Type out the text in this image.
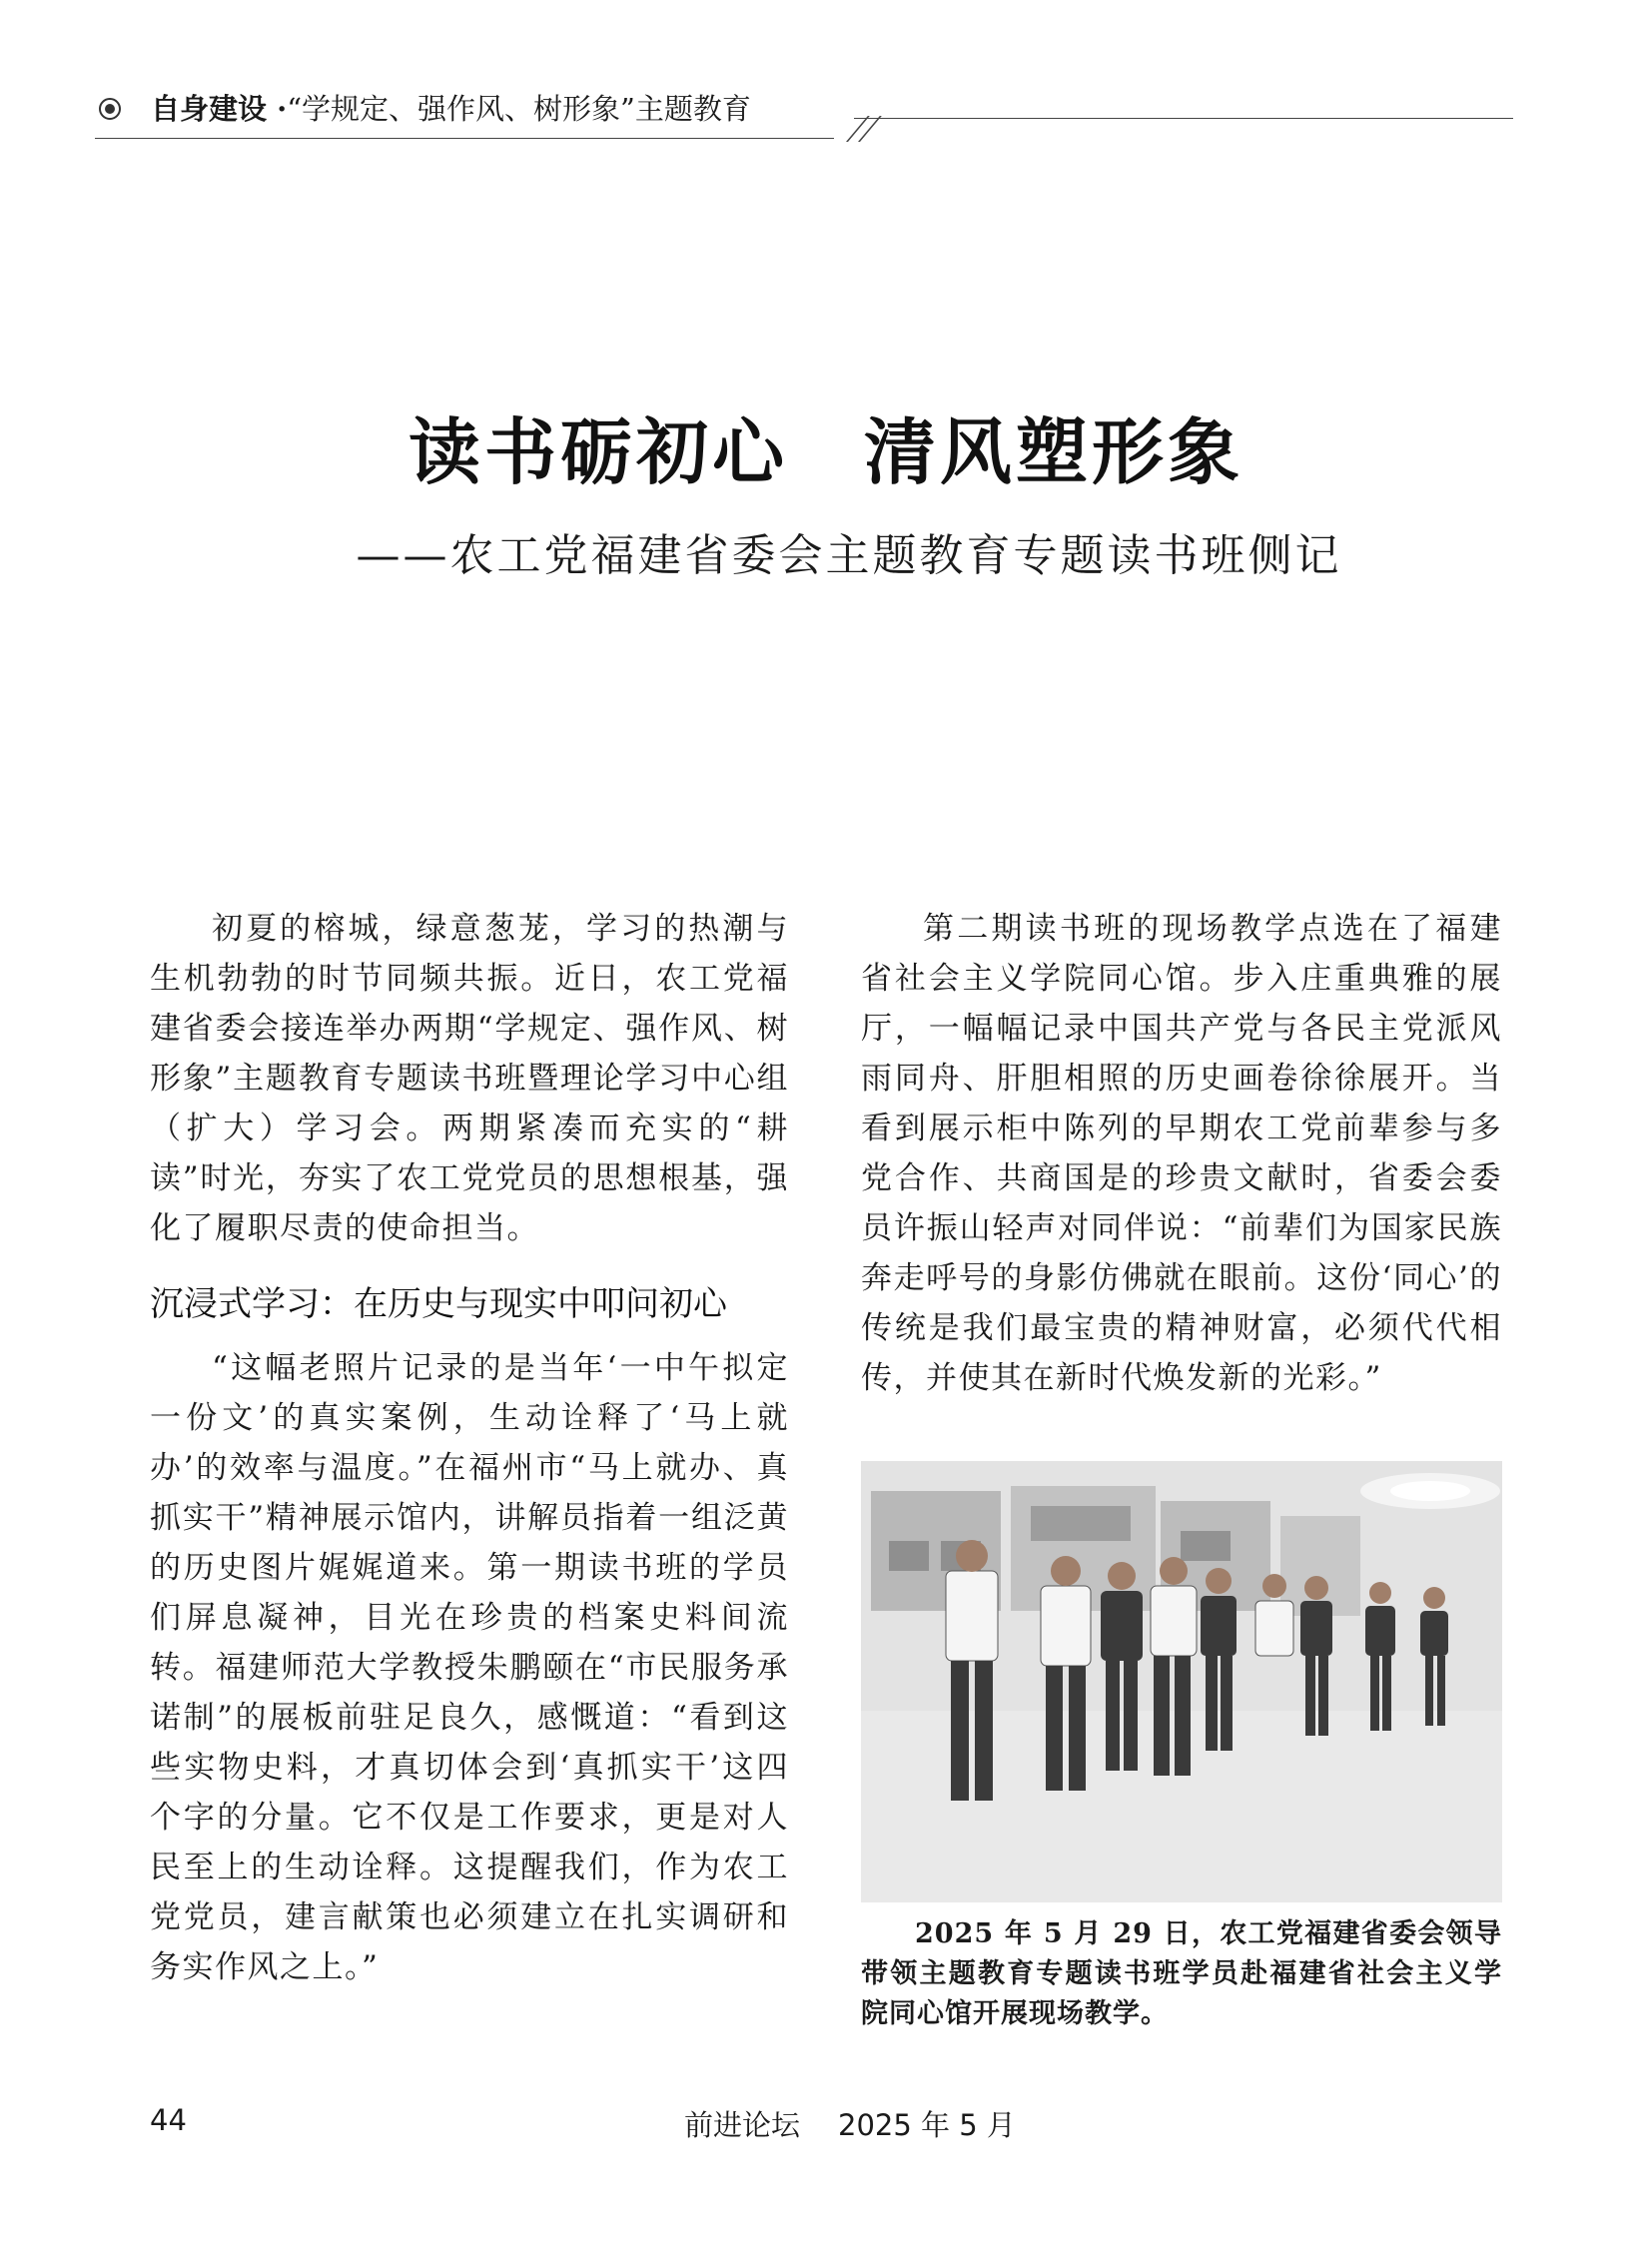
自身建设 ·“学规定、强作风、树形象”主题教育
读书砺初心　清风塑形象
——农工党福建省委会主题教育专题读书班侧记

初夏的榕城，绿意葱茏，学习的热潮与生机勃勃的时节同频共振。近日，农工党福建省委会接连举办两期“学规定、强作风、树形象”主题教育专题读书班暨理论学习中心组（扩大）学习会。两期紧凑而充实的“耕读”时光，夯实了农工党党员的思想根基，强化了履职尽责的使命担当。

沉浸式学习：在历史与现实中叩问初心

“这幅老照片记录的是当年‘一中午拟定一份文’的真实案例，生动诠释了‘马上就办’的效率与温度。”在福州市“马上就办、真抓实干”精神展示馆内，讲解员指着一组泛黄的历史图片娓娓道来。第一期读书班的学员们屏息凝神，目光在珍贵的档案史料间流转。福建师范大学教授朱鹏颐在“市民服务承诺制”的展板前驻足良久，感慨道：“看到这些实物史料，才真切体会到‘真抓实干’这四个字的分量。它不仅是工作要求，更是对人民至上的生动诠释。这提醒我们，作为农工党党员，建言献策也必须建立在扎实调研和务实作风之上。”

第二期读书班的现场教学点选在了福建省社会主义学院同心馆。步入庄重典雅的展厅，一幅幅记录中国共产党与各民主党派风雨同舟、肝胆相照的历史画卷徐徐展开。当看到展示柜中陈列的早期农工党前辈参与多党合作、共商国是的珍贵文献时，省委会委员许振山轻声对同伴说：“前辈们为国家民族奔走呼号的身影仿佛就在眼前。这份‘同心’的传统是我们最宝贵的精神财富，必须代代相传，并使其在新时代焕发新的光彩。”

2025 年 5 月 29 日，农工党福建省委会领导带领主题教育专题读书班学员赴福建省社会主义学院同心馆开展现场教学。
44	前进论坛 2025 年 5 月
